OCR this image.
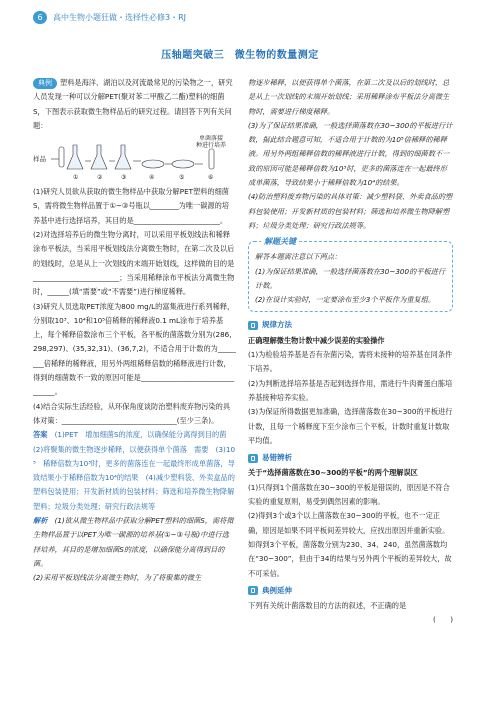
6	高中生物小题狂做・选择性必修3・RJ
压轴题突破三　微生物的数量测定
典例 塑料是海洋、湖泊以及河流最常见的污染物之一，研究人员发现一种可以分解PET(聚对苯二甲酸乙二酯)塑料的细菌S，下图表示获取微生物样品后的研究过程。请回答下列有关问题：
样品
单菌落接
种进行培养
①	②	③	④	⑤	⑥
(1)研究人员欲从获取的微生物样品中获取分解PET塑料的细菌S，需将微生物样品置于①~③号瓶以________为唯一碳源的培养基中进行选择培养，其目的是________________________。
(2)对选择培养后的微生物分离时，可以采用平板划线法和稀释涂布平板法，当采用平板划线法分离微生物时，在第二次及以后的划线时，总是从上一次划线的末端开始划线，这样做的目的是________________________；当采用稀释涂布平板法分离微生物时，______(填“需要”或“不需要”)进行梯度稀释。
(3)研究人员选取PET浓度为800 mg/L的富集液进行系列稀释，分别取10³、10⁴和10⁵倍稀释的稀释液0.1 mL涂布于培养基上，每个稀释倍数涂布三个平板，各平板的菌落数分别为(286,298,297)、(35,32,31)、(36,7,2)，不适合用于计数的为________倍稀释的稀释液，用另外两组稀释倍数的稀释液进行计数，得到的细菌数不一致的原因可能是________________________________。
(4)结合实际生活经验，从环保角度谈防治塑料废弃物污染的具体对策：________________________________(至少三条)。
答案　 (1)PET　增加细菌S的浓度，以确保能分离得到目的菌　(2)将聚集的微生物逐步稀释，以便获得单个菌落　需要　(3)10⁵　稀释倍数为10³时，更多的菌落连在一起最终形成单菌落，导致结果小于稀释倍数为10⁴的结果　(4)减少塑料袋、外卖盒品的塑料包装使用；开发新材质的包装材料；筛选和培养微生物降解塑料；垃圾分类处理；研究行政法规等
解析　 (1)欲从微生物样品中获取分解PET塑料的细菌S，需将微生物样品置于以PET为唯一碳源的培养基(①~③号瓶)中进行选择培养，其目的是增加细菌S的浓度，以确保能分离得到目的菌。
(2)采用平板划线法分离微生物时，为了将聚集的微生
物逐步稀释，以便获得单个菌落，在第二次及以后的划线时，总是从上一次划线的末端开始划线；采用稀释涂布平板法分离微生物时，需要进行梯度稀释。
(3)为了保证结果准确，一般选择菌落数在30~300的平板进行计数，据此结合题意可知，不适合用于计数的为10⁵倍稀释的稀释液。用另外两组稀释倍数的稀释液进行计数，得到的细菌数不一致的原因可能是稀释倍数为10³时，更多的菌落连在一起最终形成单菌落，导致结果小于稀释倍数为10⁴的结果。
(4)防治塑料废弃物污染的具体对策：减少塑料袋、外卖食品的塑料包装使用；开发新材质的包装材料；筛选和培养微生物降解塑料；垃圾分类处理；研究行政法规等。
解题关键
解答本题需注意以下两点：
(1)为保证结果准确，一般选择菌落数在30~300的平板进行计数。
(2)在设计实验时，一定要涂布至少3个平板作为重复组。
规律方法
正确理解微生物计数中减少误差的实验操作
(1)为检验培养基是否有杂菌污染，需将未接种的培养基在同条件下培养。
(2)为判断选择培养基是否起到选择作用，需进行牛肉膏蛋白胨培养基接种培养实验。
(3)为保证所得数据更加准确，选择菌落数在30~300的平板进行计数，且每一个稀释度下至少涂布三个平板，计数时重复计数取平均值。
易错辨析
关于“选择菌落数在30~300的平板”的两个理解误区
(1)只得到1个菌落数在30~300的平板是错误的，原因是不符合实验的重复原则，易受到偶然因素的影响。
(2)得到3个或3个以上菌落数在30~300的平板，也不一定正确，原因是如果不同平板间差异较大，应找出原因并重新实验。如得到3个平板，菌落数分别为230、34、240，虽然菌落数均在“30~300”，但由于34的结果与另外两个平板的差异较大，故不可采信。
典例延伸
下列有关统计菌落数目的方法的叙述，不正确的是
(　　)
